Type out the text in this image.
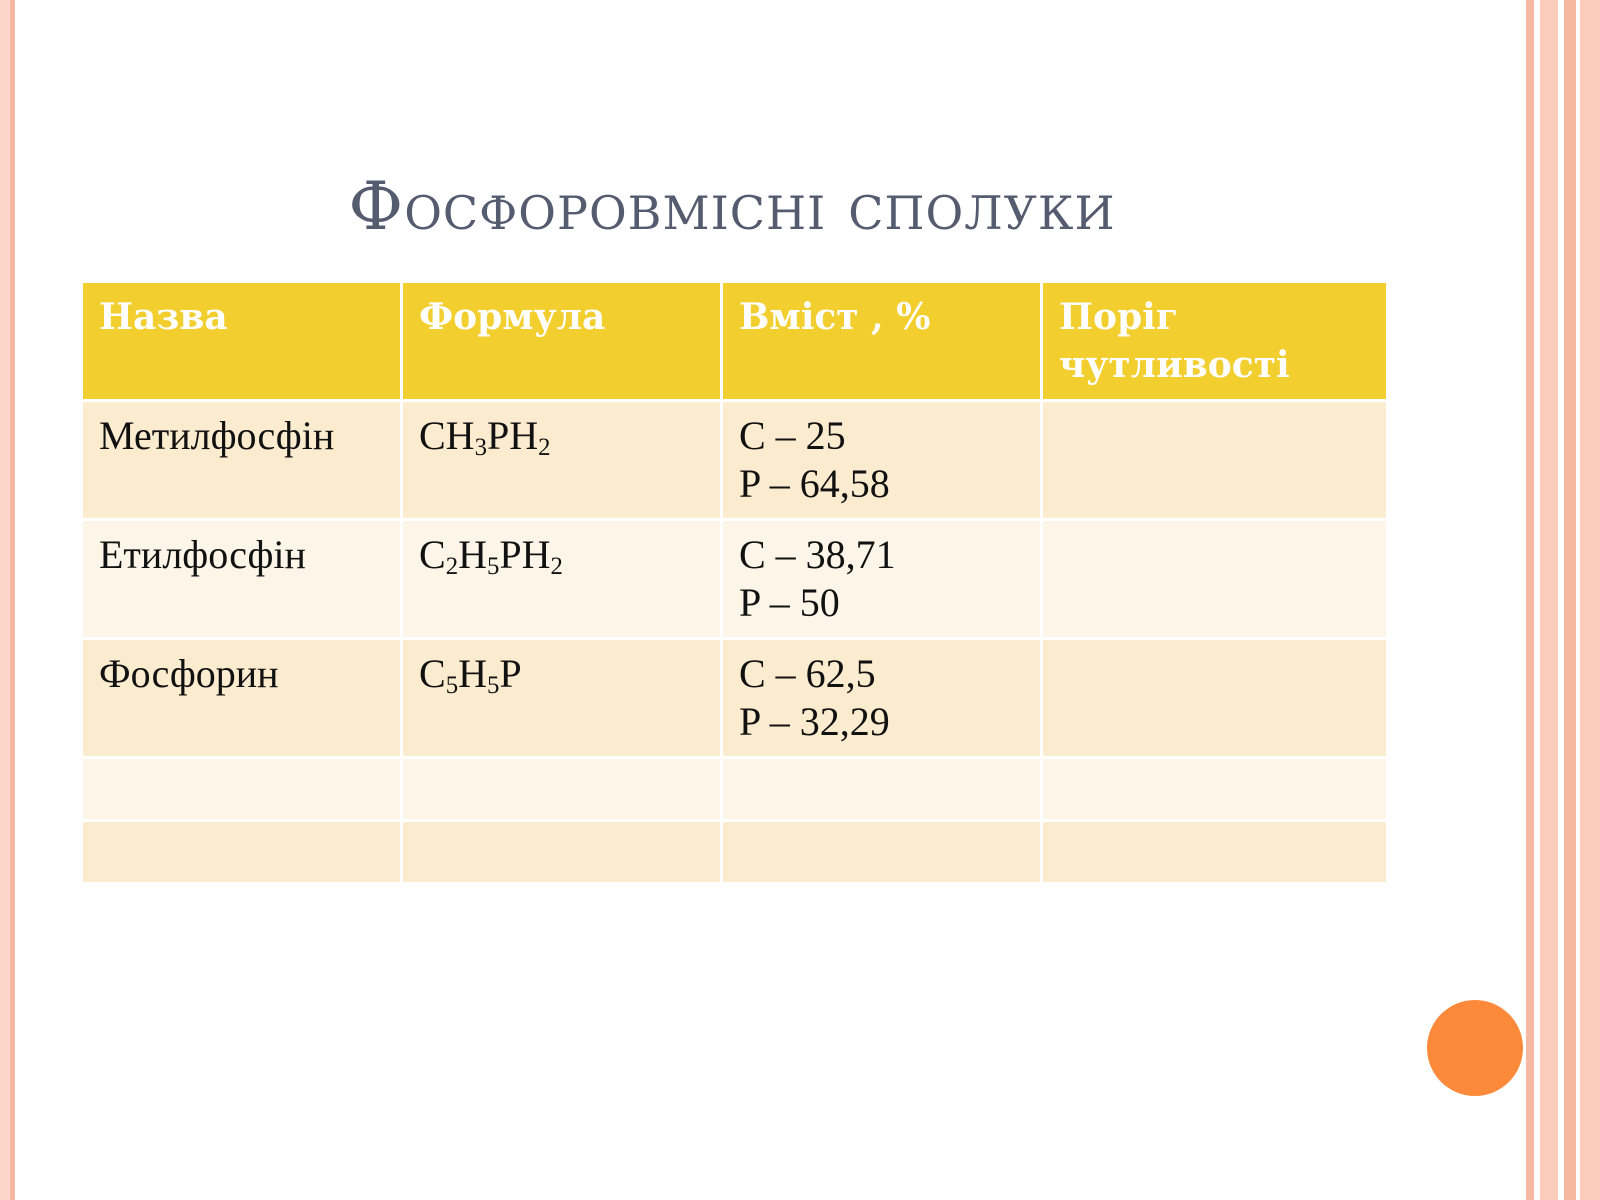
Фосфоровмісні сполуки
Назва	Формула	Вміст , %	Поріг чутливості
Метилфосфін	$CH_3PH_2$	C – 25
P – 64,58	

Етилфосфін	$C_2H_5PH_2$	C – 38,71
P – 50	

Фосфорин	$C_5H_5P$	C – 62,5
P – 32,29	
